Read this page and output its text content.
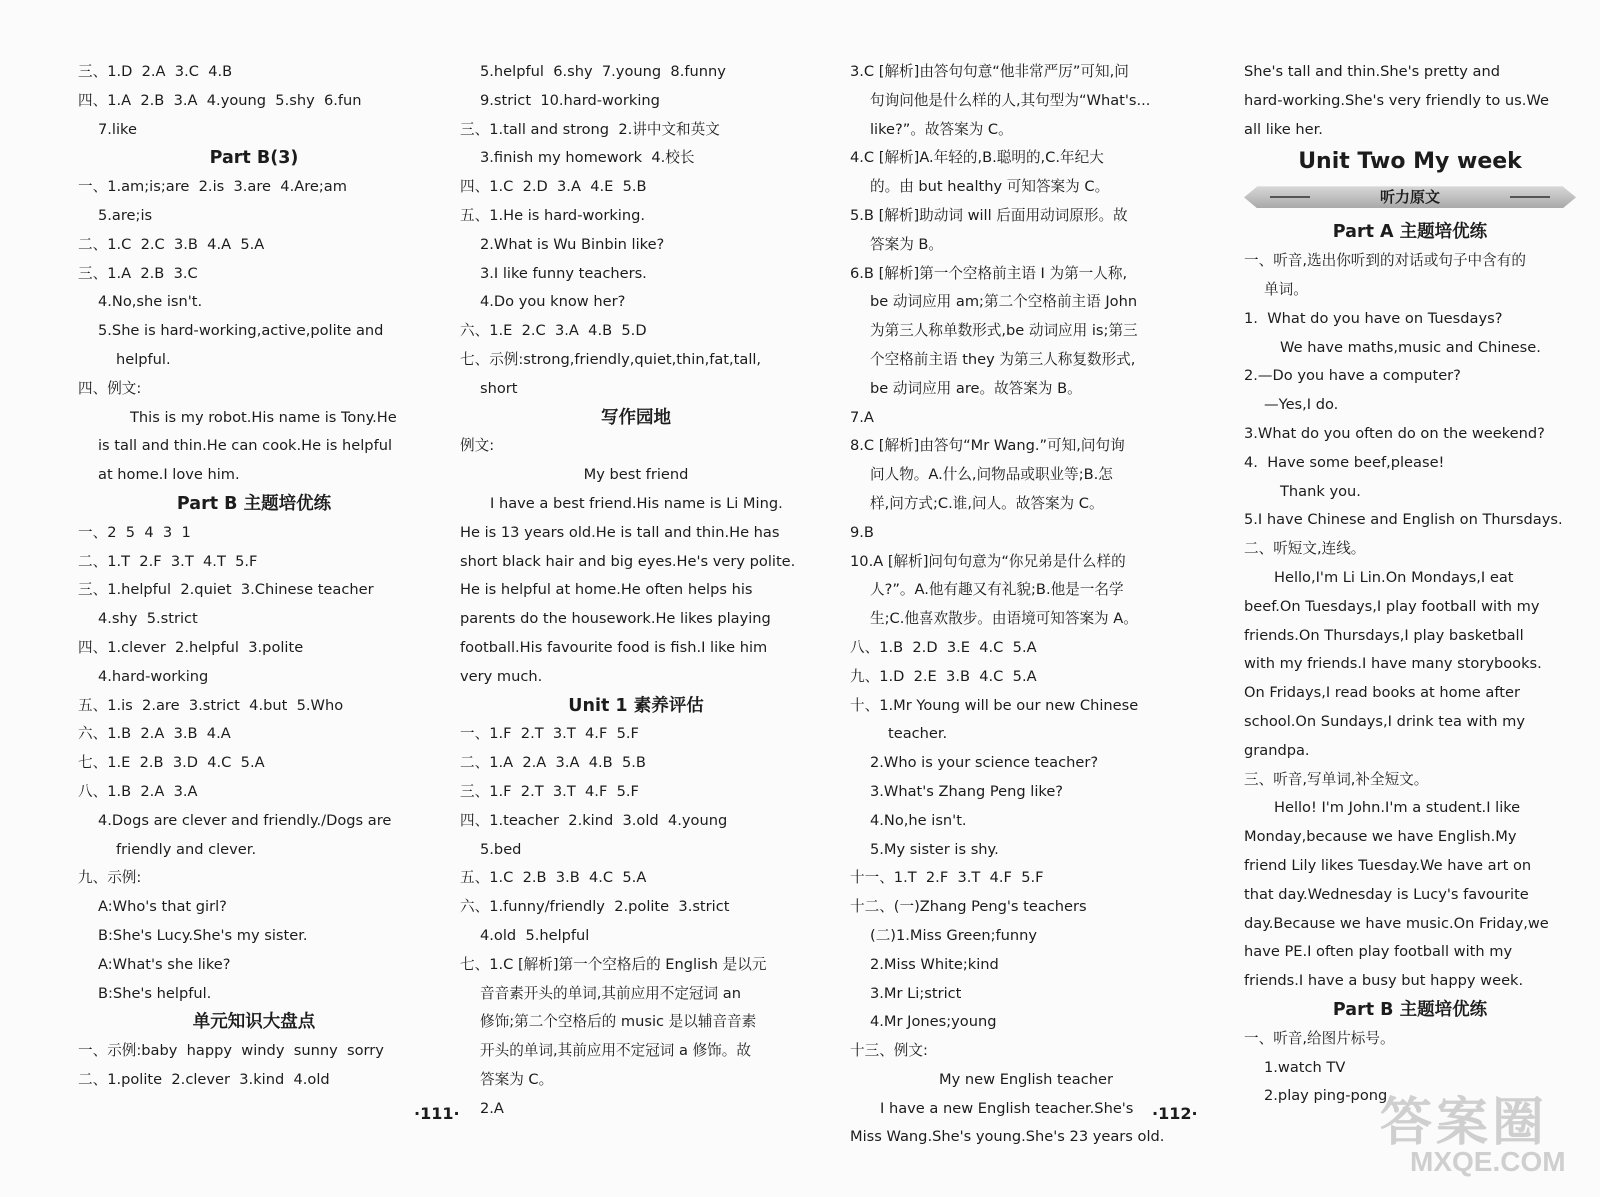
三、1.D  2.A  3.C  4.B
四、1.A  2.B  3.A  4.young  5.shy  6.fun
7.like
Part B(3)
一、1.am;is;are  2.is  3.are  4.Are;am
5.are;is
二、1.C  2.C  3.B  4.A  5.A
三、1.A  2.B  3.C
4.No,she isn't.
5.She is hard-working,active,polite and
helpful.
四、例文:
This is my robot.His name is Tony.He
is tall and thin.He can cook.He is helpful
at home.I love him.
Part B 主题培优练
一、2  5  4  3  1
二、1.T  2.F  3.T  4.T  5.F
三、1.helpful  2.quiet  3.Chinese teacher
4.shy  5.strict
四、1.clever  2.helpful  3.polite
4.hard-working
五、1.is  2.are  3.strict  4.but  5.Who
六、1.B  2.A  3.B  4.A
七、1.E  2.B  3.D  4.C  5.A
八、1.B  2.A  3.A
4.Dogs are clever and friendly./Dogs are
friendly and clever.
九、示例:
A:Who's that girl?
B:She's Lucy.She's my sister.
A:What's she like?
B:She's helpful.
单元知识大盘点
一、示例:baby  happy  windy  sunny  sorry
二、1.polite  2.clever  3.kind  4.old
5.helpful  6.shy  7.young  8.funny
9.strict  10.hard-working
三、1.tall and strong  2.讲中文和英文
3.finish my homework  4.校长
四、1.C  2.D  3.A  4.E  5.B
五、1.He is hard-working.
2.What is Wu Binbin like?
3.I like funny teachers.
4.Do you know her?
六、1.E  2.C  3.A  4.B  5.D
七、示例:strong,friendly,quiet,thin,fat,tall,
short
写作园地
例文:
My best friend
I have a best friend.His name is Li Ming.
He is 13 years old.He is tall and thin.He has
short black hair and big eyes.He's very polite.
He is helpful at home.He often helps his
parents do the housework.He likes playing
football.His favourite food is fish.I like him
very much.
Unit 1 素养评估
一、1.F  2.T  3.T  4.F  5.F
二、1.A  2.A  3.A  4.B  5.B
三、1.F  2.T  3.T  4.F  5.F
四、1.teacher  2.kind  3.old  4.young
5.bed
五、1.C  2.B  3.B  4.C  5.A
六、1.funny/friendly  2.polite  3.strict
4.old  5.helpful
七、1.C [解析]第一个空格后的 English 是以元
音音素开头的单词,其前应用不定冠词 an
修饰;第二个空格后的 music 是以辅音音素
开头的单词,其前应用不定冠词 a 修饰。故
答案为 C。
2.A
3.C [解析]由答句句意“他非常严厉”可知,问
句询问他是什么样的人,其句型为“What's...
like?”。故答案为 C。
4.C [解析]A.年轻的,B.聪明的,C.年纪大
的。由 but healthy 可知答案为 C。
5.B [解析]助动词 will 后面用动词原形。故
答案为 B。
6.B [解析]第一个空格前主语 I 为第一人称,
be 动词应用 am;第二个空格前主语 John
为第三人称单数形式,be 动词应用 is;第三
个空格前主语 they 为第三人称复数形式,
be 动词应用 are。故答案为 B。
7.A
8.C [解析]由答句“Mr Wang.”可知,问句询
问人物。A.什么,问物品或职业等;B.怎
样,问方式;C.谁,问人。故答案为 C。
9.B
10.A [解析]问句句意为“你兄弟是什么样的
人?”。A.他有趣又有礼貌;B.他是一名学
生;C.他喜欢散步。由语境可知答案为 A。
八、1.B  2.D  3.E  4.C  5.A
九、1.D  2.E  3.B  4.C  5.A
十、1.Mr Young will be our new Chinese
teacher.
2.Who is your science teacher?
3.What's Zhang Peng like?
4.No,he isn't.
5.My sister is shy.
十一、1.T  2.F  3.T  4.F  5.F
十二、(一)Zhang Peng's teachers
(二)1.Miss Green;funny
2.Miss White;kind
3.Mr Li;strict
4.Mr Jones;young
十三、例文:
My new English teacher
I have a new English teacher.She's
Miss Wang.She's young.She's 23 years old.
She's tall and thin.She's pretty and
hard-working.She's very friendly to us.We
all like her.
Unit Two My week
听力原文
Part A 主题培优练
一、听音,选出你听到的对话或句子中含有的
单词。
1.  What do you have on Tuesdays?
We have maths,music and Chinese.
2.—Do you have a computer?
—Yes,I do.
3.What do you often do on the weekend?
4.  Have some beef,please!
Thank you.
5.I have Chinese and English on Thursdays.
二、听短文,连线。
Hello,I'm Li Lin.On Mondays,I eat
beef.On Tuesdays,I play football with my
friends.On Thursdays,I play basketball
with my friends.I have many storybooks.
On Fridays,I read books at home after
school.On Sundays,I drink tea with my
grandpa.
三、听音,写单词,补全短文。
Hello! I'm John.I'm a student.I like
Monday,because we have English.My
friend Lily likes Tuesday.We have art on
that day.Wednesday is Lucy's favourite
day.Because we have music.On Friday,we
have PE.I often play football with my
friends.I have a busy but happy week.
Part B 主题培优练
一、听音,给图片标号。
1.watch TV
2.play ping-pong
·111·	·112·	答案圈
MXQE.COM
